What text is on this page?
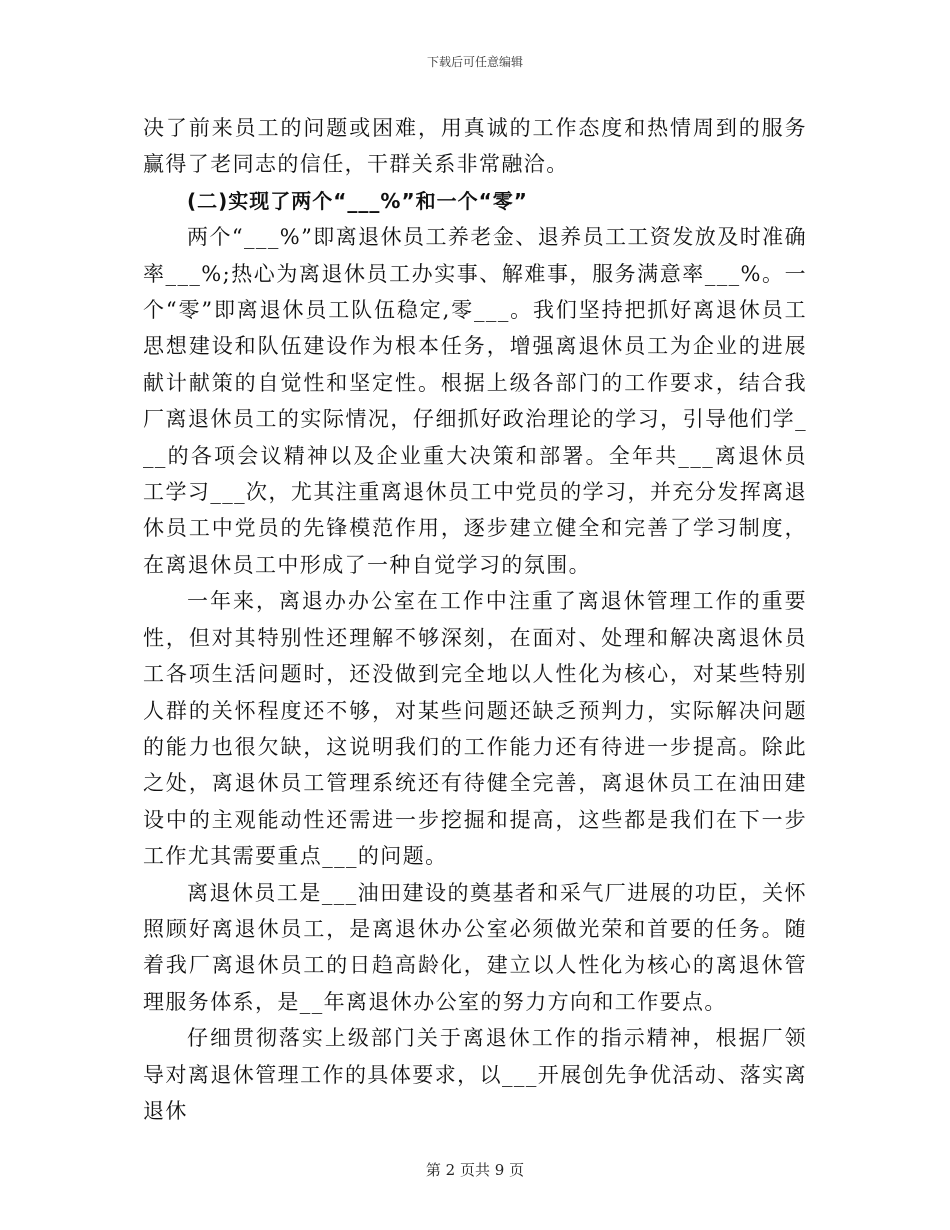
下载后可任意编辑

决了前来员工的问题或困难，用真诚的工作态度和热情周到的服务赢得了老同志的信任，干群关系非常融洽。

(二)实现了两个“___%”和一个“零”

两个“___%”即离退休员工养老金、退养员工工资发放及时准确率___%;热心为离退休员工办实事、解难事，服务满意率___%。一个“零”即离退休员工队伍稳定,零___。我们坚持把抓好离退休员工思想建设和队伍建设作为根本任务，增强离退休员工为企业的进展献计献策的自觉性和坚定性。根据上级各部门的工作要求，结合我厂离退休员工的实际情况，仔细抓好政治理论的学习，引导他们学___的各项会议精神以及企业重大决策和部署。全年共___离退休员工学习___次，尤其注重离退休员工中党员的学习，并充分发挥离退休员工中党员的先锋模范作用，逐步建立健全和完善了学习制度，在离退休员工中形成了一种自觉学习的氛围。

一年来，离退办办公室在工作中注重了离退休管理工作的重要性，但对其特别性还理解不够深刻，在面对、处理和解决离退休员工各项生活问题时，还没做到完全地以人性化为核心，对某些特别人群的关怀程度还不够，对某些问题还缺乏预判力，实际解决问题的能力也很欠缺，这说明我们的工作能力还有待进一步提高。除此之处，离退休员工管理系统还有待健全完善，离退休员工在油田建设中的主观能动性还需进一步挖掘和提高，这些都是我们在下一步工作尤其需要重点___的问题。

离退休员工是___油田建设的奠基者和采气厂进展的功臣，关怀照顾好离退休员工，是离退休办公室必须做光荣和首要的任务。随着我厂离退休员工的日趋高龄化，建立以人性化为核心的离退休管理服务体系，是__年离退休办公室的努力方向和工作要点。

仔细贯彻落实上级部门关于离退休工作的指示精神，根据厂领导对离退休管理工作的具体要求，以___开展创先争优活动、落实离退休

第 2 页共 9 页
